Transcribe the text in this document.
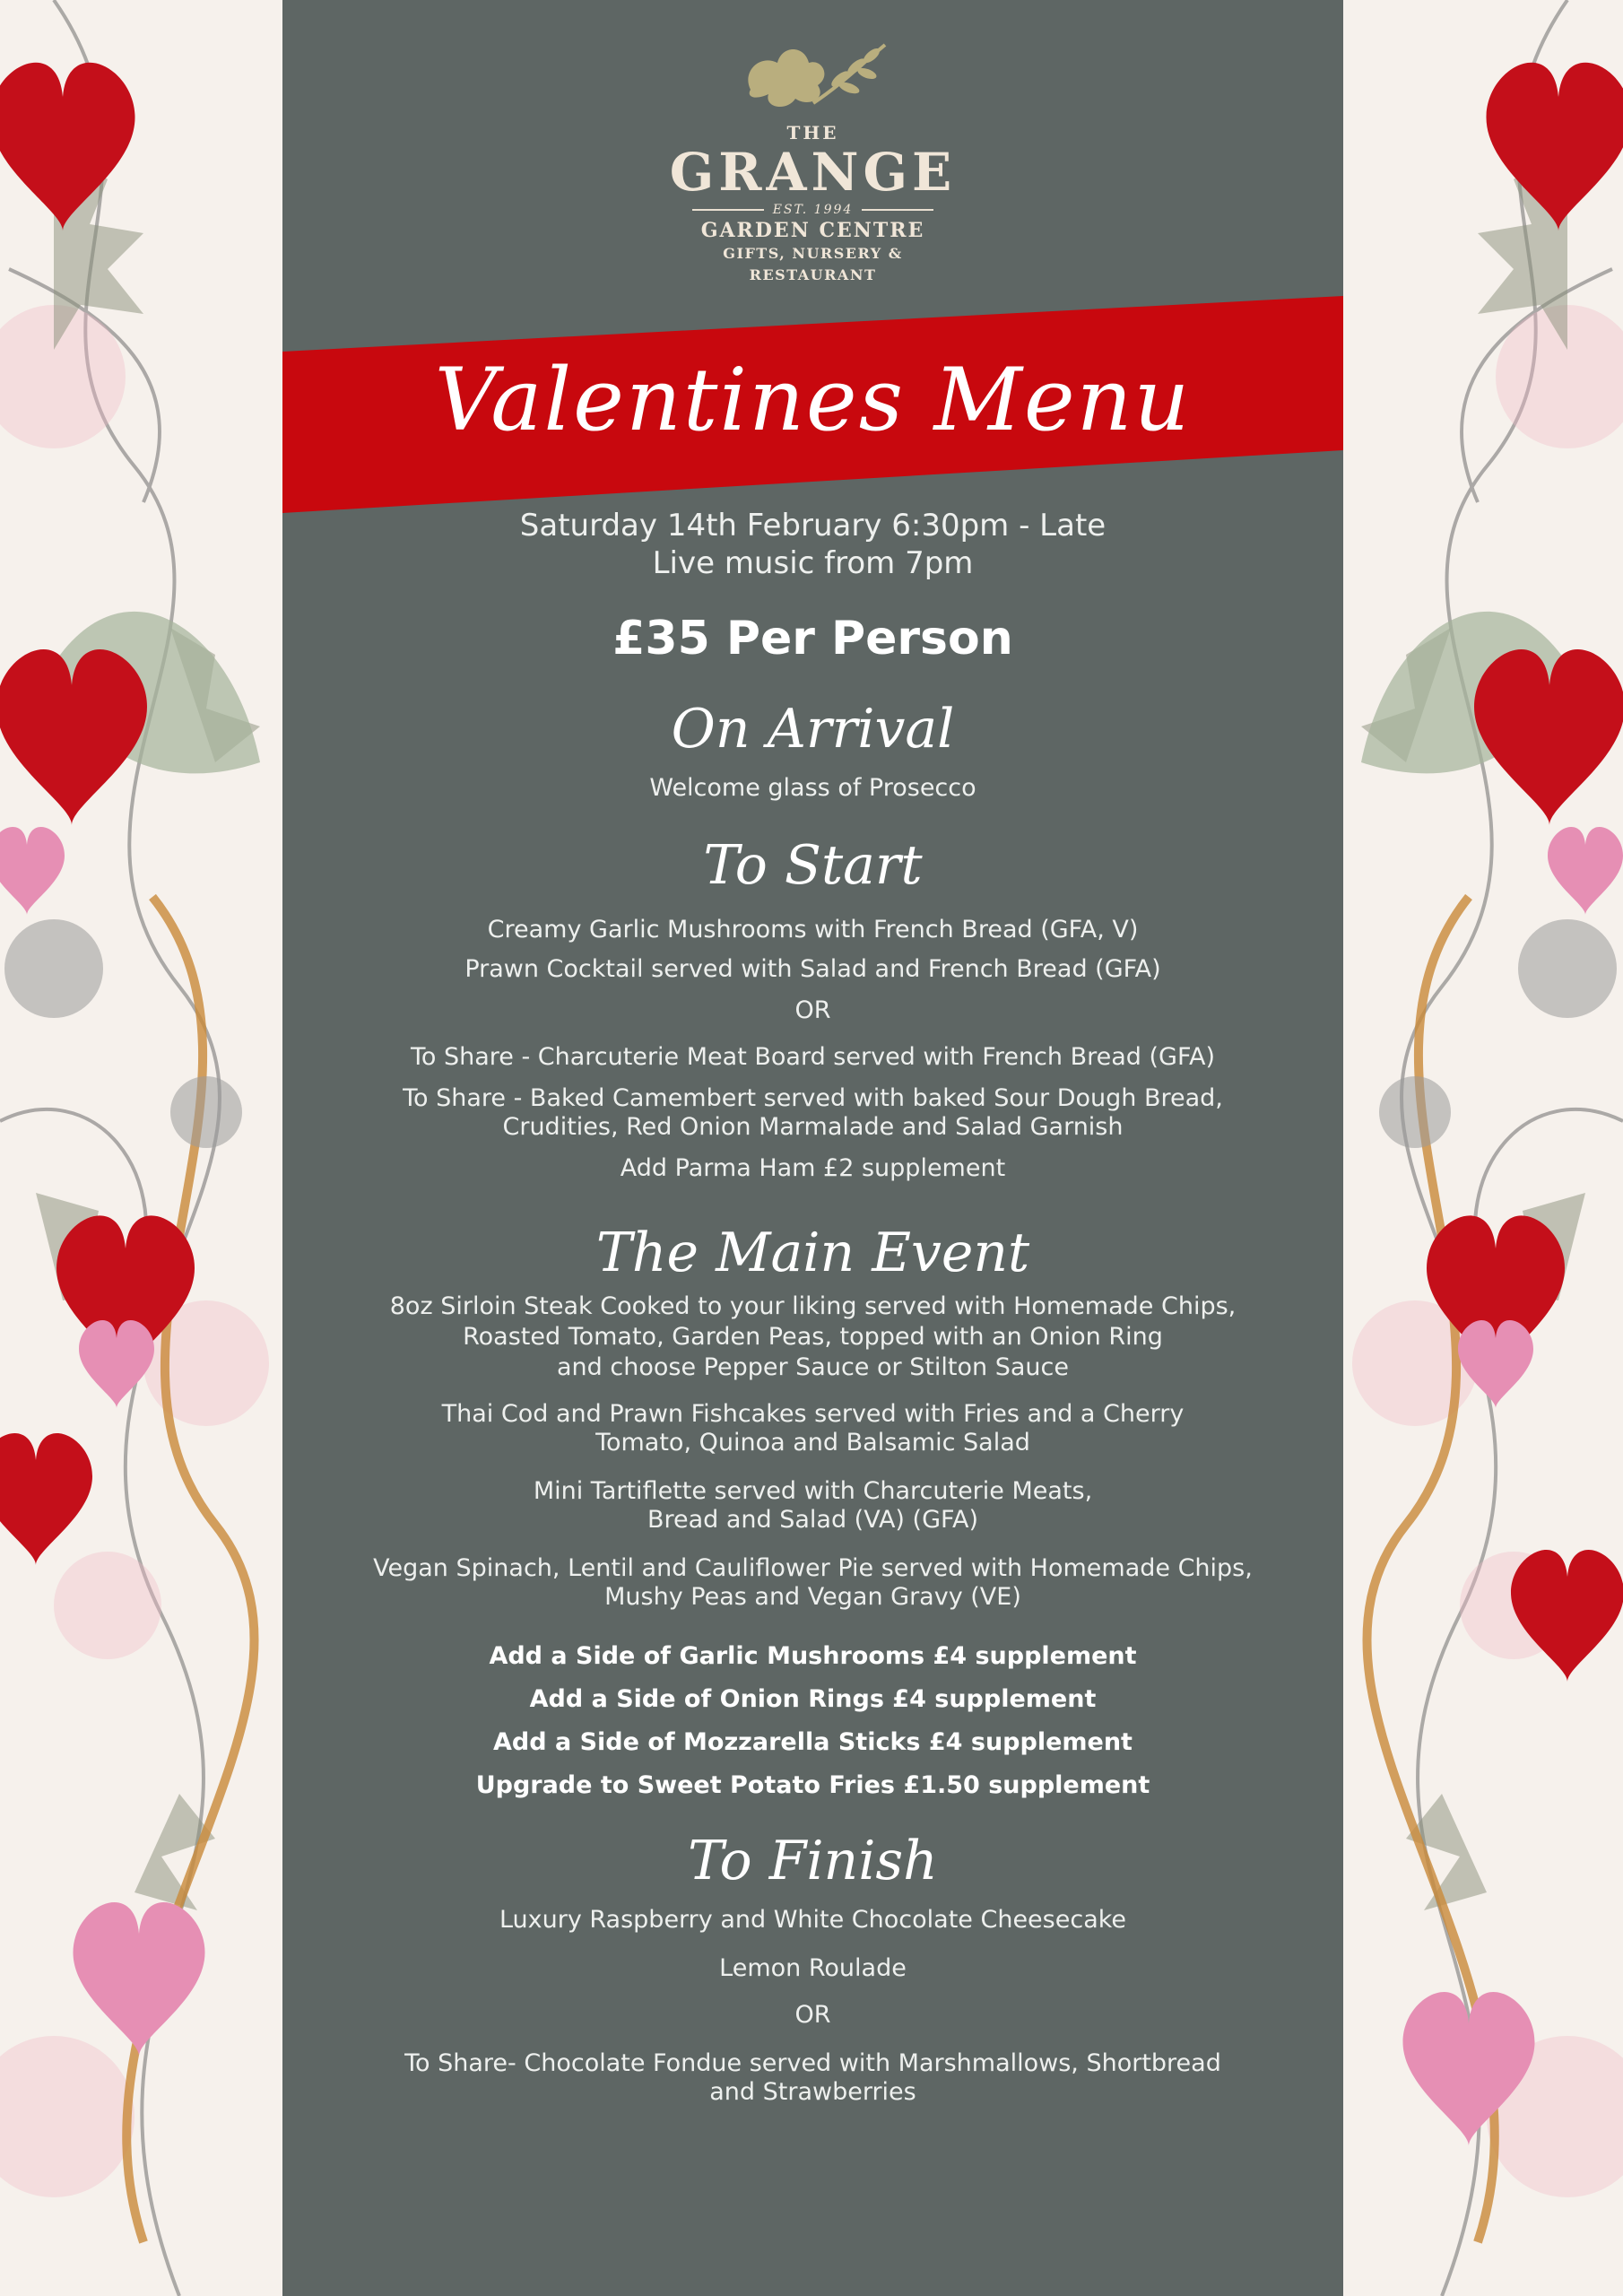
THE
GRANGE
EST. 1994
GARDEN CENTRE
GIFTS, NURSERY &
RESTAURANT
Valentines Menu
Saturday 14th February 6:30pm - Late
Live music from 7pm
£35 Per Person
On Arrival
Welcome glass of Prosecco
To Start
Creamy Garlic Mushrooms with French Bread (GFA, V)
Prawn Cocktail served with Salad and French Bread (GFA)
OR
To Share - Charcuterie Meat Board served with French Bread (GFA)
To Share - Baked Camembert served with baked Sour Dough Bread,
Crudities, Red Onion Marmalade and Salad Garnish
Add Parma Ham £2 supplement
The Main Event
8oz Sirloin Steak Cooked to your liking served with Homemade Chips,
Roasted Tomato, Garden Peas, topped with an Onion Ring
and choose Pepper Sauce or Stilton Sauce
Thai Cod and Prawn Fishcakes served with Fries and a Cherry
Tomato, Quinoa and Balsamic Salad
Mini Tartiflette served with Charcuterie Meats,
Bread and Salad (VA) (GFA)
Vegan Spinach, Lentil and Cauliflower Pie served with Homemade Chips,
Mushy Peas and Vegan Gravy (VE)
Add a Side of Garlic Mushrooms £4 supplement
Add a Side of Onion Rings £4 supplement
Add a Side of Mozzarella Sticks £4 supplement
Upgrade to Sweet Potato Fries £1.50 supplement
To Finish
Luxury Raspberry and White Chocolate Cheesecake
Lemon Roulade
OR
To Share- Chocolate Fondue served with Marshmallows, Shortbread
and Strawberries
